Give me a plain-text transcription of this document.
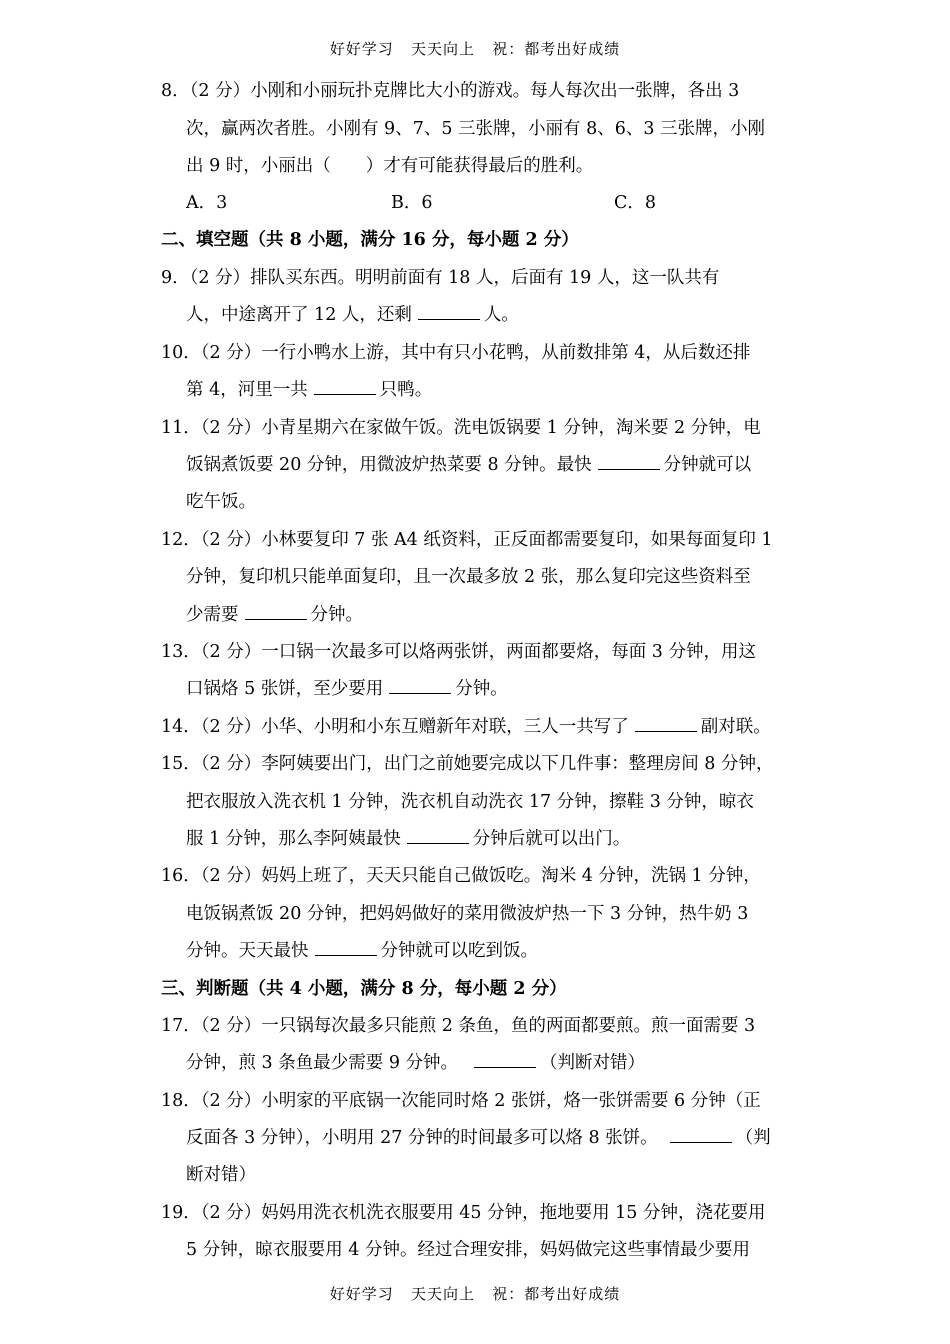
好好学习   天天向上   祝：都考出好成绩
8．（2 分）小刚和小丽玩扑克牌比大小的游戏。每人每次出一张牌，各出 3
次，赢两次者胜。小刚有 9、7、5 三张牌，小丽有 8、6、3 三张牌，小刚
出 9 时，小丽出（　　）才有可能获得最后的胜利。
A．3	B．6	C．8
二、填空题（共 8 小题，满分 16 分，每小题 2 分）
9．（2 分）排队买东西。明明前面有 18 人，后面有 19 人，这一队共有
人，中途离开了 12 人，还剩	人。
10．（2 分）一行小鸭水上游，其中有只小花鸭，从前数排第 4，从后数还排
第 4，河里一共	只鸭。
11．（2 分）小青星期六在家做午饭。洗电饭锅要 1 分钟，淘米要 2 分钟，电
饭锅煮饭要 20 分钟，用微波炉热菜要 8 分钟。最快	分钟就可以
吃午饭。
12．（2 分）小林要复印 7 张 A4 纸资料，正反面都需要复印，如果每面复印 1
分钟，复印机只能单面复印，且一次最多放 2 张，那么复印完这些资料至
少需要	分钟。
13．（2 分）一口锅一次最多可以烙两张饼，两面都要烙，每面 3 分钟，用这
口锅烙 5 张饼，至少要用	分钟。
14．（2 分）小华、小明和小东互赠新年对联，三人一共写了	副对联。
15．（2 分）李阿姨要出门，出门之前她要完成以下几件事：整理房间 8 分钟，
把衣服放入洗衣机 1 分钟，洗衣机自动洗衣 17 分钟，擦鞋 3 分钟，晾衣
服 1 分钟，那么李阿姨最快	分钟后就可以出门。
16．（2 分）妈妈上班了，天天只能自己做饭吃。淘米 4 分钟，洗锅 1 分钟，
电饭锅煮饭 20 分钟，把妈妈做好的菜用微波炉热一下 3 分钟，热牛奶 3
分钟。天天最快	分钟就可以吃到饭。
三、判断题（共 4 小题，满分 8 分，每小题 2 分）
17．（2 分）一只锅每次最多只能煎 2 条鱼，鱼的两面都要煎。煎一面需要 3
分钟，煎 3 条鱼最少需要 9 分钟。	（判断对错）
18．（2 分）小明家的平底锅一次能同时烙 2 张饼，烙一张饼需要 6 分钟（正
反面各 3 分钟），小明用 27 分钟的时间最多可以烙 8 张饼。	（判
断对错）
19．（2 分）妈妈用洗衣机洗衣服要用 45 分钟，拖地要用 15 分钟，浇花要用
5 分钟，晾衣服要用 4 分钟。经过合理安排，妈妈做完这些事情最少要用
好好学习   天天向上   祝：都考出好成绩
